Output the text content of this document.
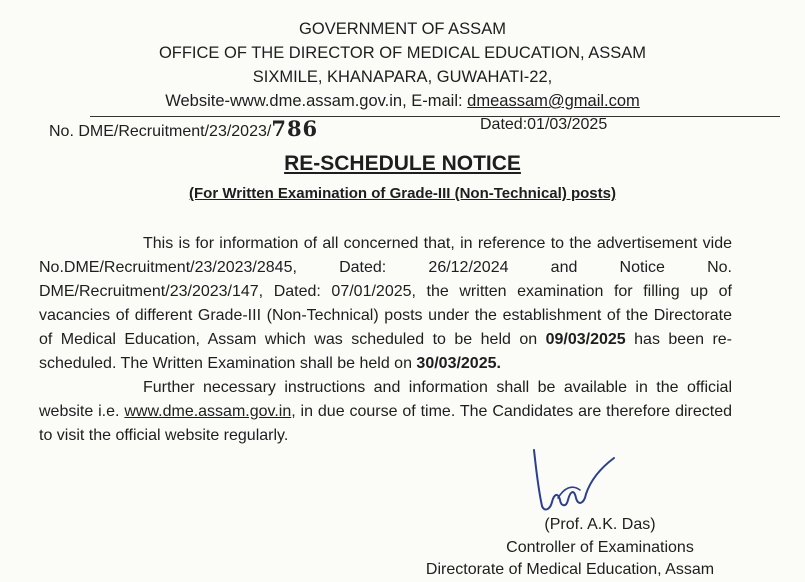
GOVERNMENT OF ASSAM
OFFICE OF THE DIRECTOR OF MEDICAL EDUCATION, ASSAM
SIXMILE, KHANAPARA, GUWAHATI-22,
Website-www.dme.assam.gov.in, E-mail: dmeassam@gmail.com
No. DME/Recruitment/23/2023/786	Dated:01/03/2025
RE-SCHEDULE NOTICE
(For Written Examination of Grade-III (Non-Technical) posts)

This is for information of all concerned that, in reference to the advertisement vide No.DME/Recruitment/23/2023/2845, Dated: 26/12/2024 and Notice No. DME/Recruitment/23/2023/147, Dated: 07/01/2025, the written examination for filling up of vacancies of different Grade-III (Non-Technical) posts under the establishment of the Directorate of Medical Education, Assam which was scheduled to be held on 09/03/2025 has been re-scheduled. The Written Examination shall be held on 30/03/2025.

Further necessary instructions and information shall be available in the official website i.e. www.dme.assam.gov.in, in due course of time. The Candidates are therefore directed to visit the official website regularly.

(Prof. A.K. Das)
Controller of Examinations
Directorate of Medical Education, Assam
